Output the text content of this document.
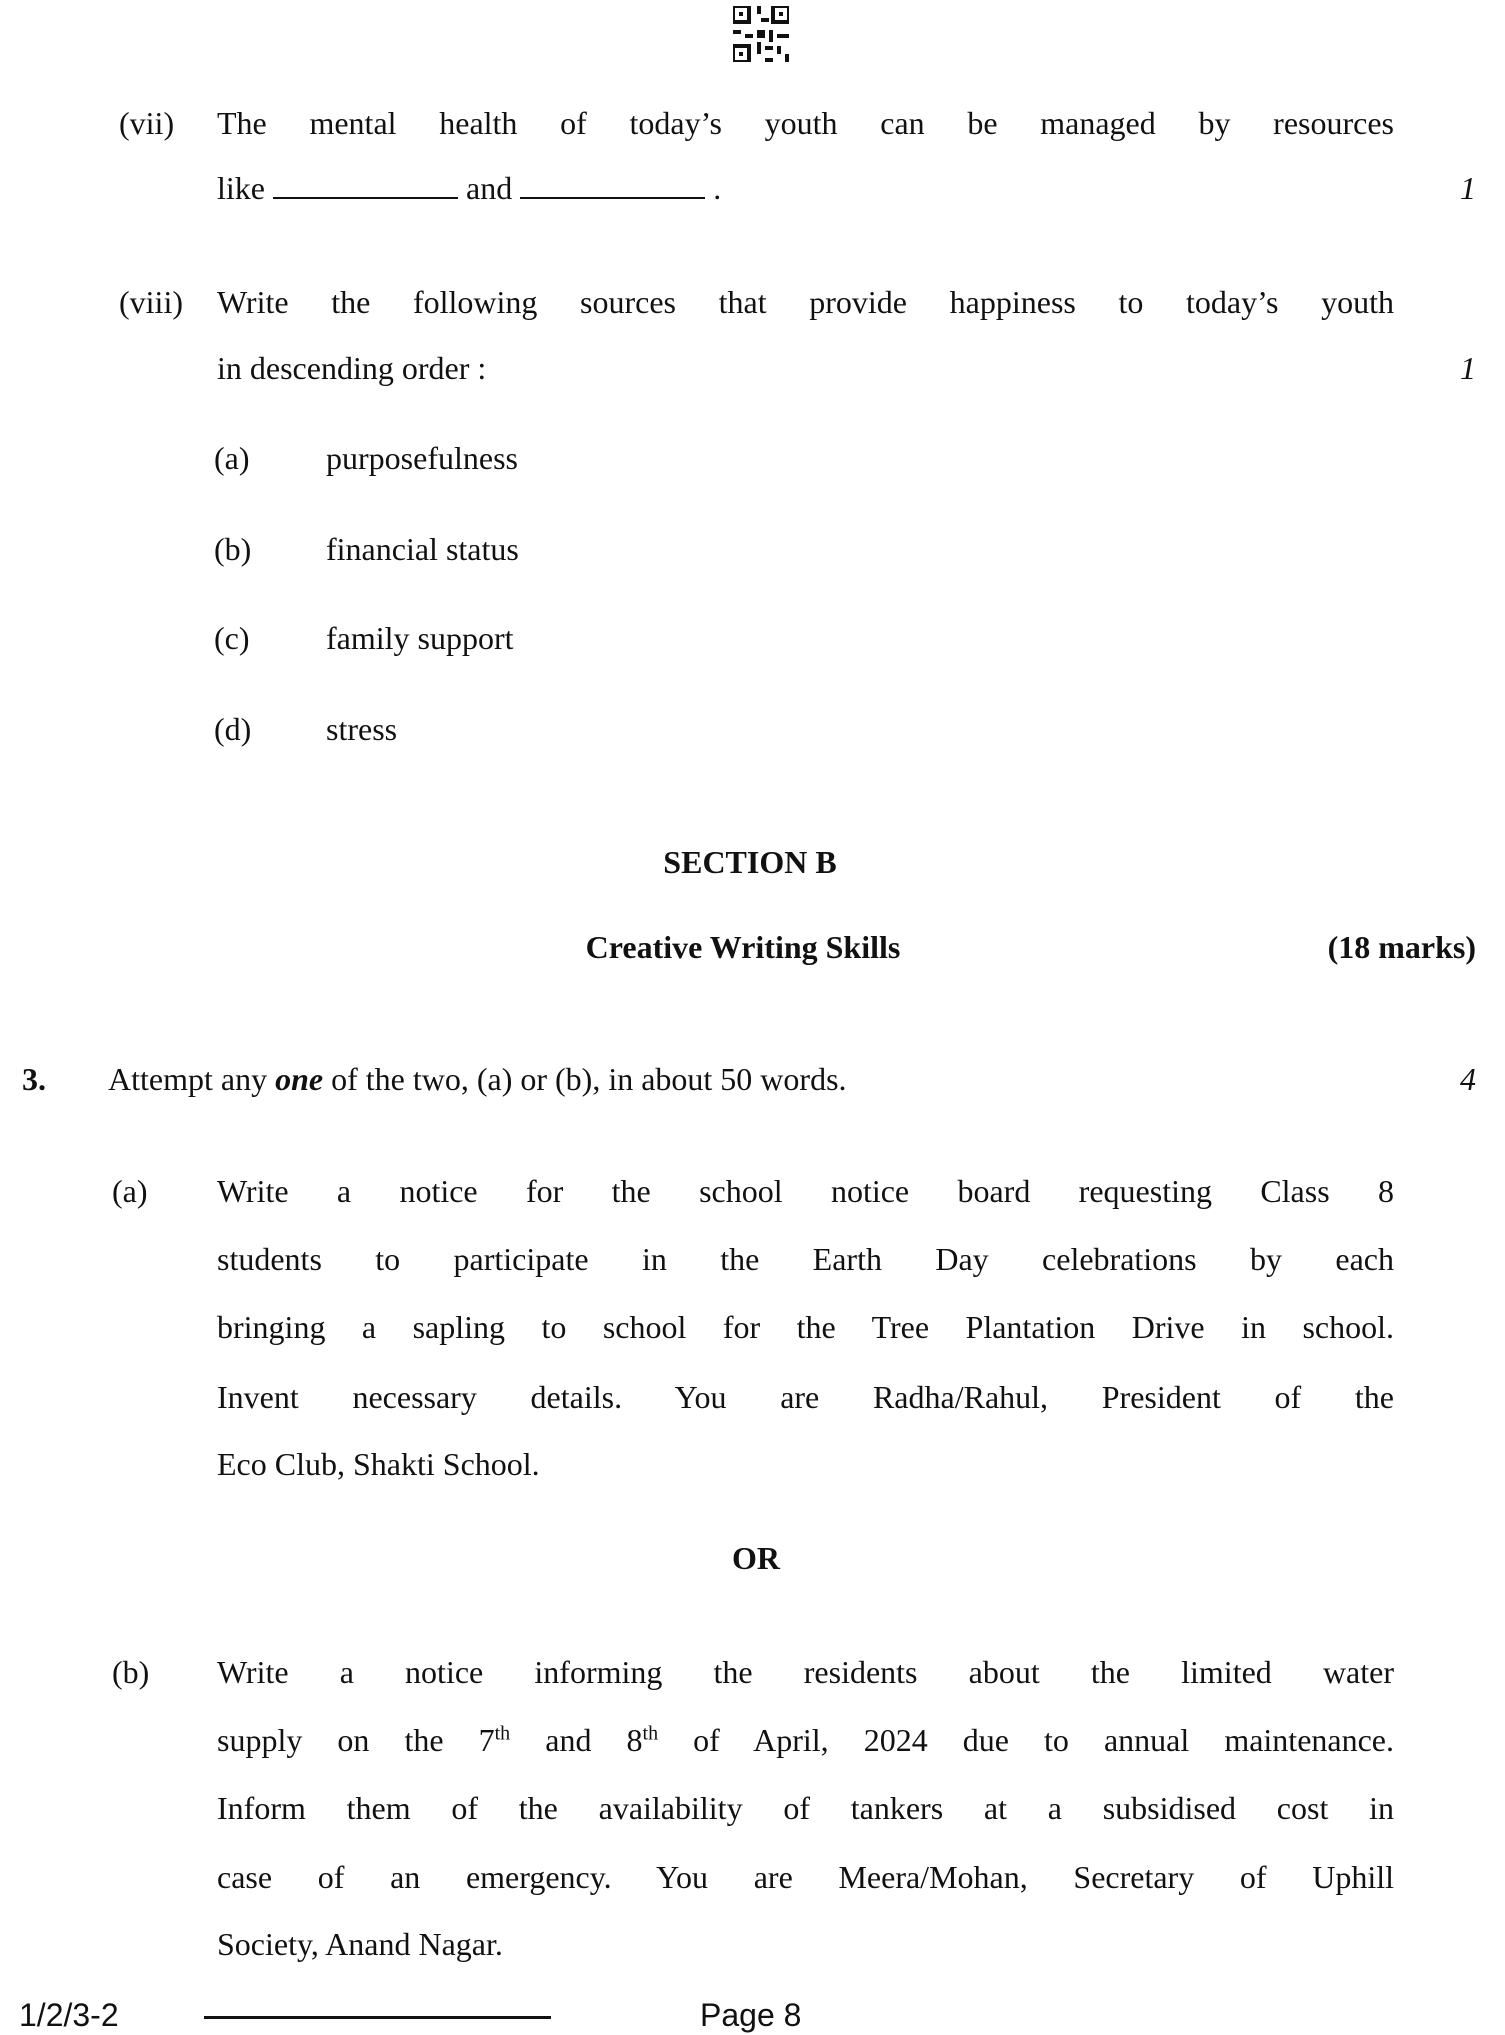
(vii) The mental health of today’s youth can be managed by resources
like	and	.	1
(viii) Write the following sources that provide happiness to today’s youth
in descending order :	1
(a) purposefulness
(b) financial status
(c) family support
(d) stress
SECTION B
Creative Writing Skills	(18 marks)
3. Attempt any one of the two, (a) or (b), in about 50 words.	4
(a) Write a notice for the school notice board requesting Class 8
students to participate in the Earth Day celebrations by each
bringing a sapling to school for the Tree Plantation Drive in school.
Invent necessary details. You are Radha/Rahul, President of the
Eco Club, Shakti School.
OR
(b) Write a notice informing the residents about the limited water
supply on the 7th and 8th of April, 2024 due to annual maintenance.
Inform them of the availability of tankers at a subsidised cost in
case of an emergency. You are Meera/Mohan, Secretary of Uphill
Society, Anand Nagar.
1/2/3-2	Page 8
